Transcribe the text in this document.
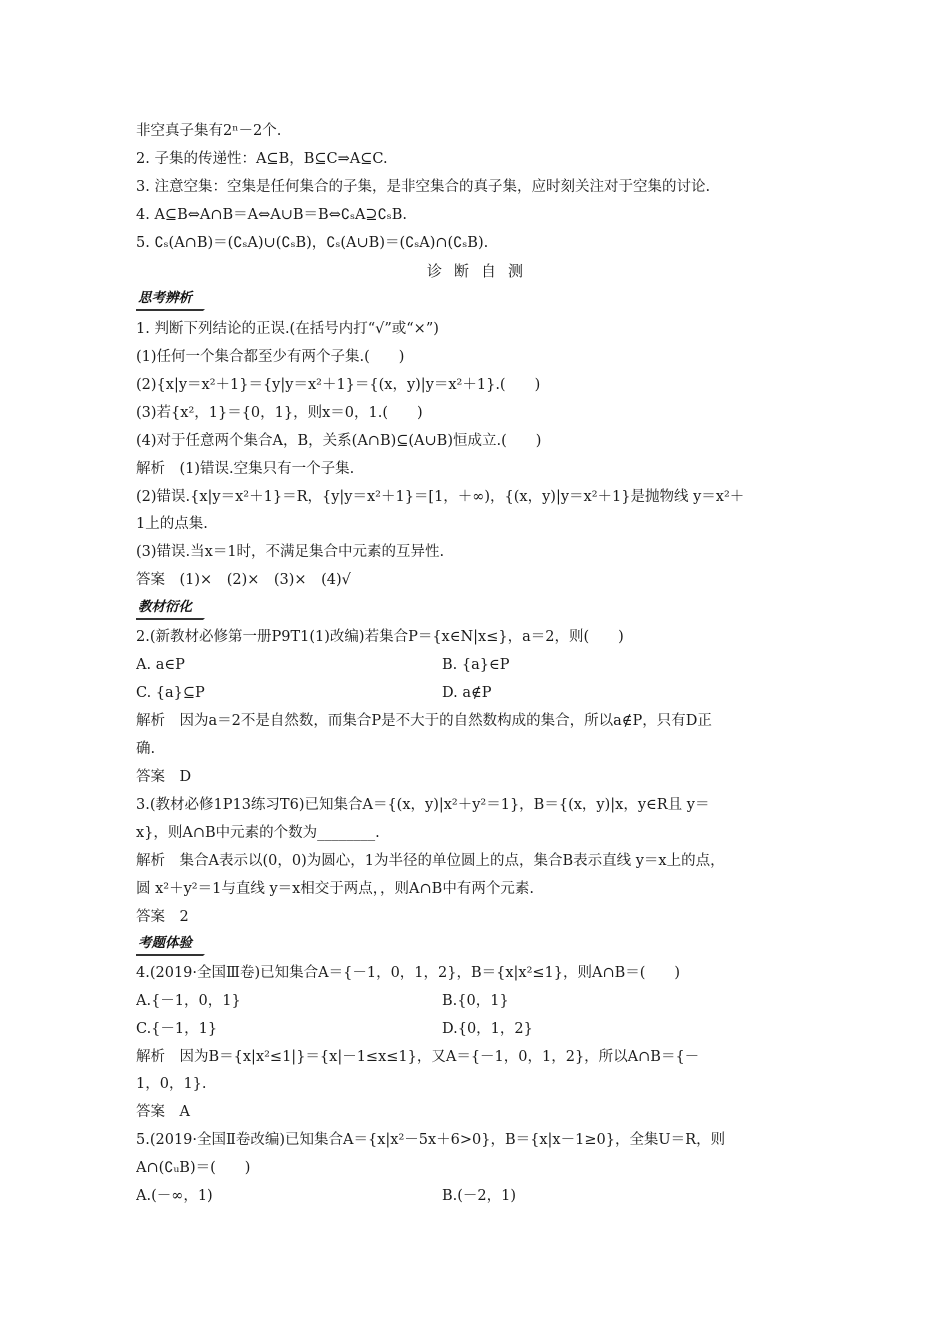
非空真子集有2ⁿ－2个.
2. 子集的传递性：A⊆B，B⊆C⇒A⊆C.
3. 注意空集：空集是任何集合的子集，是非空集合的真子集，应时刻关注对于空集的讨论.
4. A⊆B⇔A∩B＝A⇔A∪B＝B⇔∁ₛA⊇∁ₛB.
5. ∁ₛ(A∩B)＝(∁ₛA)∪(∁ₛB)，∁ₛ(A∪B)＝(∁ₛA)∩(∁ₛB).
诊断自测
思考辨析
1. 判断下列结论的正误.(在括号内打“√”或“×”)
(1)任何一个集合都至少有两个子集.(　　)
(2){x|y＝x²＋1}＝{y|y＝x²＋1}＝{(x，y)|y＝x²＋1}.(　　)
(3)若{x²，1}＝{0，1}，则x＝0，1.(　　)
(4)对于任意两个集合A，B，关系(A∩B)⊆(A∪B)恒成立.(　　)
解析　(1)错误.空集只有一个子集.
(2)错误.{x|y＝x²＋1}＝R，{y|y＝x²＋1}＝[1，＋∞)，{(x，y)|y＝x²＋1}是抛物线 y＝x²＋
1上的点集.
(3)错误.当x＝1时，不满足集合中元素的互异性.
答案　(1)×　(2)×　(3)×　(4)√
教材衍化
2.(新教材必修第一册P9T1(1)改编)若集合P＝{x∈N|x≤}，a＝2，则(　　)
A. a∈P	B. {a}∈P
C. {a}⊆P	D. a∉P
解析　因为a＝2不是自然数，而集合P是不大于的自然数构成的集合，所以a∉P，只有D正
确.
答案　D
3.(教材必修1P13练习T6)已知集合A＝{(x，y)|x²＋y²＝1}，B＝{(x，y)|x，y∈R且 y＝
x}，则A∩B中元素的个数为________.
解析　集合A表示以(0，0)为圆心，1为半径的单位圆上的点，集合B表示直线 y＝x上的点，
圆 x²＋y²＝1与直线 y＝x相交于两点，，则A∩B中有两个元素.
答案　2
考题体验
4.(2019·全国Ⅲ卷)已知集合A＝{－1，0，1，2}，B＝{x|x²≤1}，则A∩B＝(　　)
A.{－1，0，1}	B.{0，1}
C.{－1，1}	D.{0，1，2}
解析　因为B＝{x|x²≤1|}＝{x|－1≤x≤1}，又A＝{－1，0，1，2}，所以A∩B＝{－
1，0，1}.
答案　A
5.(2019·全国Ⅱ卷改编)已知集合A＝{x|x²－5x＋6>0}，B＝{x|x－1≥0}，全集U＝R，则
A∩(∁ᵤB)＝(　　)
A.(－∞，1)	B.(－2，1)
